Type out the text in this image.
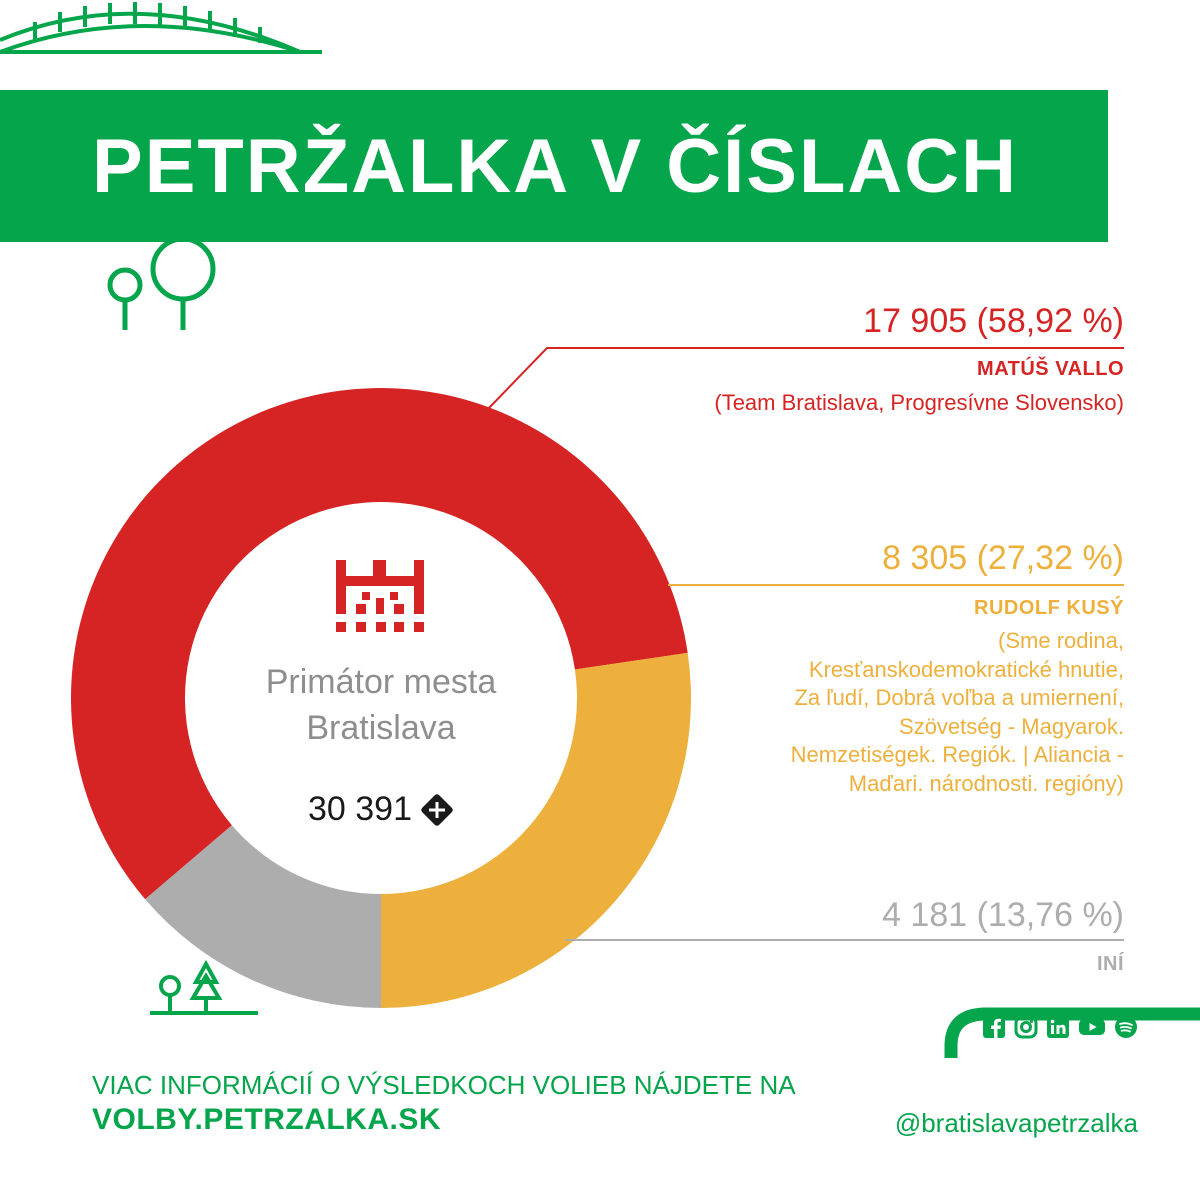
PETRŽALKA V ČÍSLACH
Primátor mesta
Bratislava
30 391
17 905 (58,92 %)
MATÚŠ VALLO
(Team Bratislava, Progresívne Slovensko)
8 305 (27,32 %)
RUDOLF KUSÝ
(Sme rodina,
Kresťanskodemokratické hnutie,
Za ľudí, Dobrá voľba a umiernení,
Szövetség - Magyarok.
Nemzetiségek. Regiók. | Aliancia -
Maďari. národnosti. regióny)
4 181 (13,76 %)
INÍ
VIAC INFORMÁCIÍ O VÝSLEDKOCH VOLIEB NÁJDETE NA
VOLBY.PETRZALKA.SK	@bratislavapetrzalka
